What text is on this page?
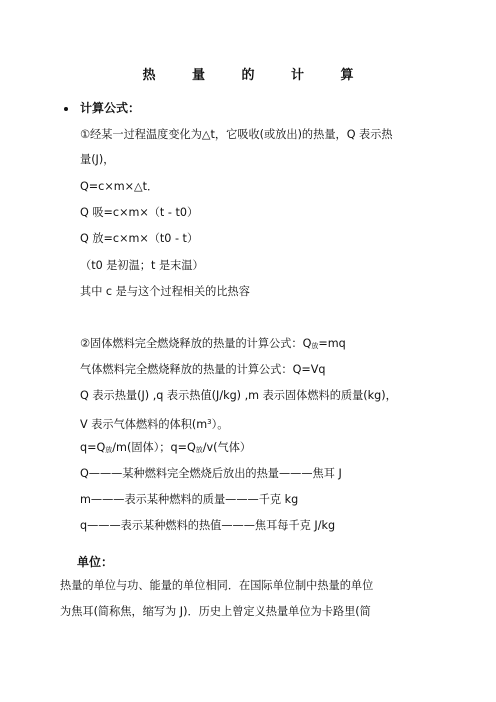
热 量 的 计 算
计算公式：
①经某一过程温度变化为△t，它吸收(或放出)的热量，Q 表示热
量(J)，
Q=c×m×△t．
Q 吸=c×m×（t - t0）
Q 放=c×m×（t0 - t）
（t0 是初温；t 是末温）
其中 c 是与这个过程相关的比热容
②固体燃料完全燃烧释放的热量的计算公式：$Q_放=mq$
气体燃料完全燃烧释放的热量的计算公式：Q=Vq
Q 表示热量(J) ,q 表示热值(J/kg) ,m 表示固体燃料的质量(kg)，
V 表示气体燃料的体积$(m^3)$。
$q=Q_放/m$(固体）；$q=Q_放/v$(气体）
Q———某种燃料完全燃烧后放出的热量———焦耳 J
m———表示某种燃料的质量———千克 kg
q———表示某种燃料的热值———焦耳每千克 J/kg
单位：
热量的单位与功、能量的单位相同．在国际单位制中热量的单位
为焦耳(简称焦，缩写为 J)．历史上曾定义热量单位为卡路里(简
